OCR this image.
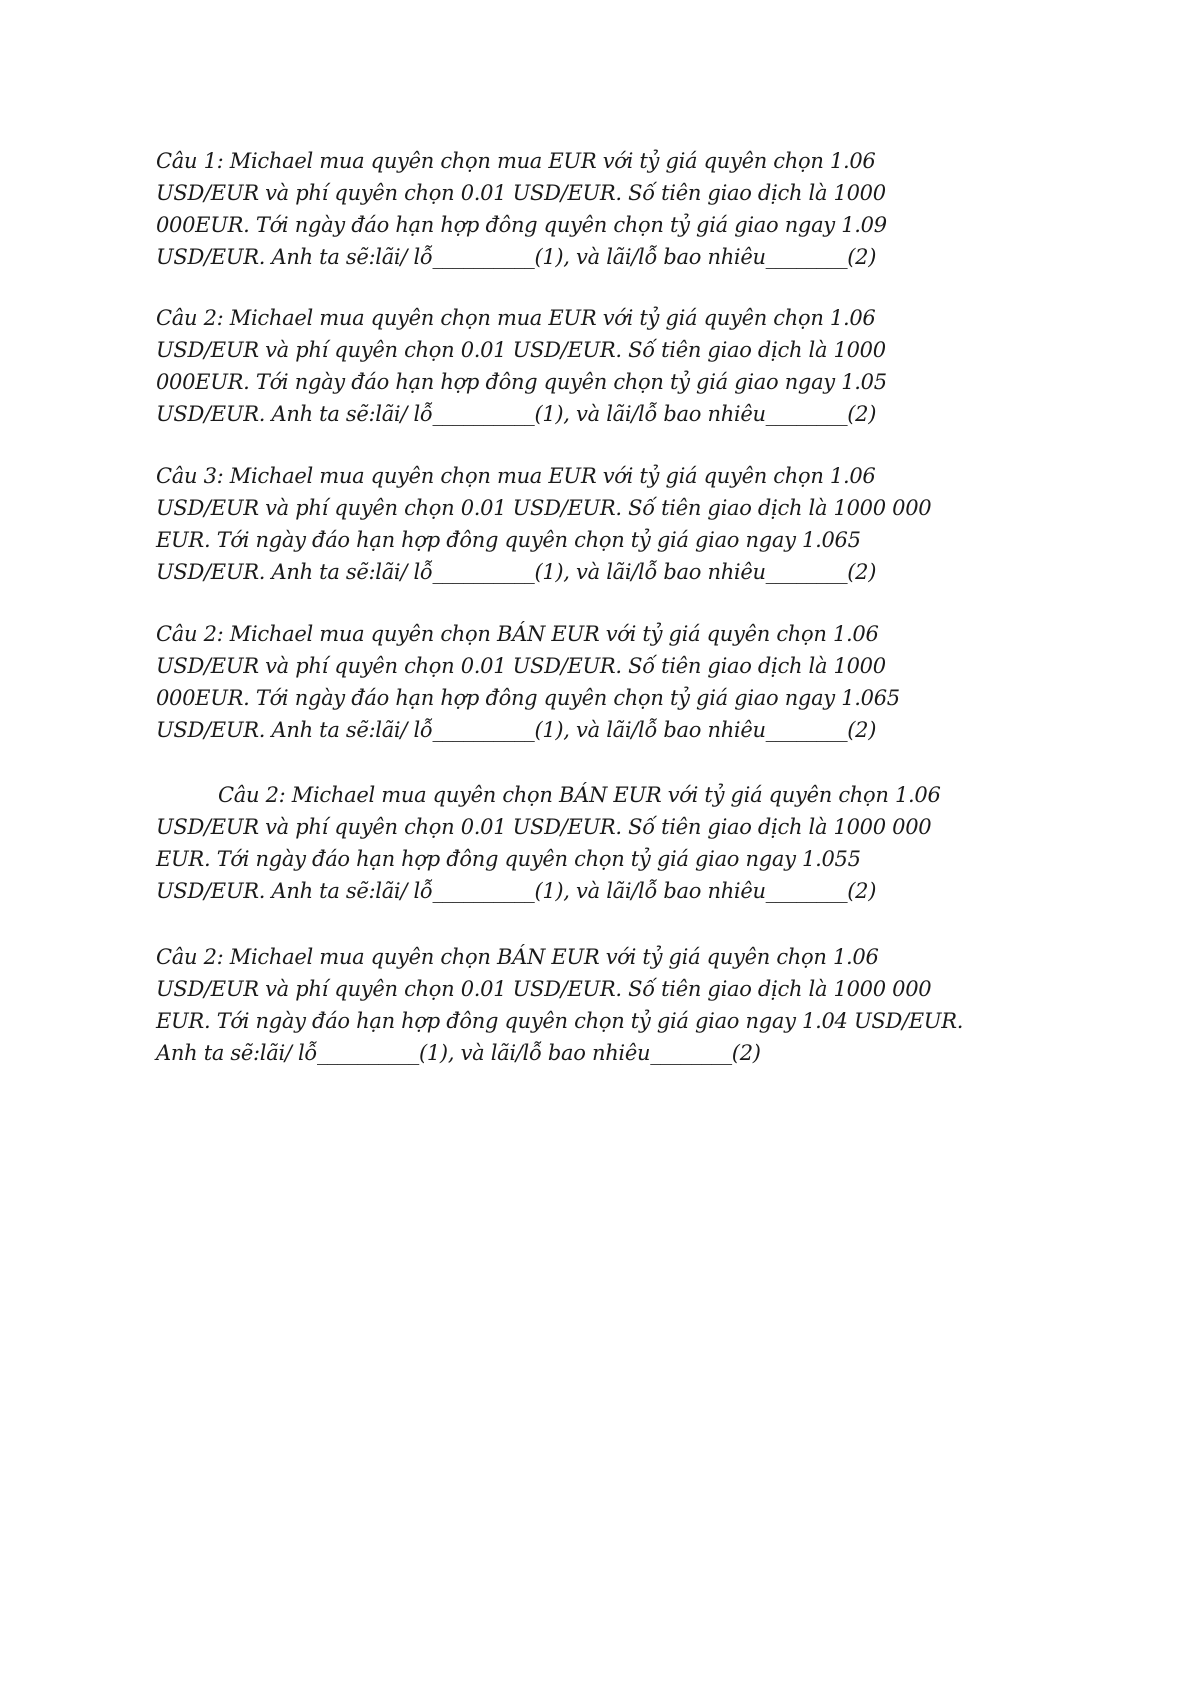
Câu 1: Michael mua quyên chọn mua EUR với tỷ giá quyên chọn 1.06
USD/EUR và phí quyên chọn 0.01 USD/EUR. Số tiên giao dịch là 1000
000EUR. Tới ngày đáo hạn hợp đông quyên chọn tỷ giá giao ngay 1.09
USD/EUR. Anh ta sẽ:lãi/ lỗ__________(1), và lãi/lỗ bao nhiêu________(2)
Câu 2: Michael mua quyên chọn mua EUR với tỷ giá quyên chọn 1.06
USD/EUR và phí quyên chọn 0.01 USD/EUR. Số tiên giao dịch là 1000
000EUR. Tới ngày đáo hạn hợp đông quyên chọn tỷ giá giao ngay 1.05
USD/EUR. Anh ta sẽ:lãi/ lỗ__________(1), và lãi/lỗ bao nhiêu________(2)
Câu 3: Michael mua quyên chọn mua EUR với tỷ giá quyên chọn 1.06
USD/EUR và phí quyên chọn 0.01 USD/EUR. Số tiên giao dịch là 1000 000
EUR. Tới ngày đáo hạn hợp đông quyên chọn tỷ giá giao ngay 1.065
USD/EUR. Anh ta sẽ:lãi/ lỗ__________(1), và lãi/lỗ bao nhiêu________(2)
Câu 2: Michael mua quyên chọn BÁN EUR với tỷ giá quyên chọn 1.06
USD/EUR và phí quyên chọn 0.01 USD/EUR. Số tiên giao dịch là 1000
000EUR. Tới ngày đáo hạn hợp đông quyên chọn tỷ giá giao ngay 1.065
USD/EUR. Anh ta sẽ:lãi/ lỗ__________(1), và lãi/lỗ bao nhiêu________(2)
Câu 2: Michael mua quyên chọn BÁN EUR với tỷ giá quyên chọn 1.06
USD/EUR và phí quyên chọn 0.01 USD/EUR. Số tiên giao dịch là 1000 000
EUR. Tới ngày đáo hạn hợp đông quyên chọn tỷ giá giao ngay 1.055
USD/EUR. Anh ta sẽ:lãi/ lỗ__________(1), và lãi/lỗ bao nhiêu________(2)
Câu 2: Michael mua quyên chọn BÁN EUR với tỷ giá quyên chọn 1.06
USD/EUR và phí quyên chọn 0.01 USD/EUR. Số tiên giao dịch là 1000 000
EUR. Tới ngày đáo hạn hợp đông quyên chọn tỷ giá giao ngay 1.04 USD/EUR.
Anh ta sẽ:lãi/ lỗ__________(1), và lãi/lỗ bao nhiêu________(2)
